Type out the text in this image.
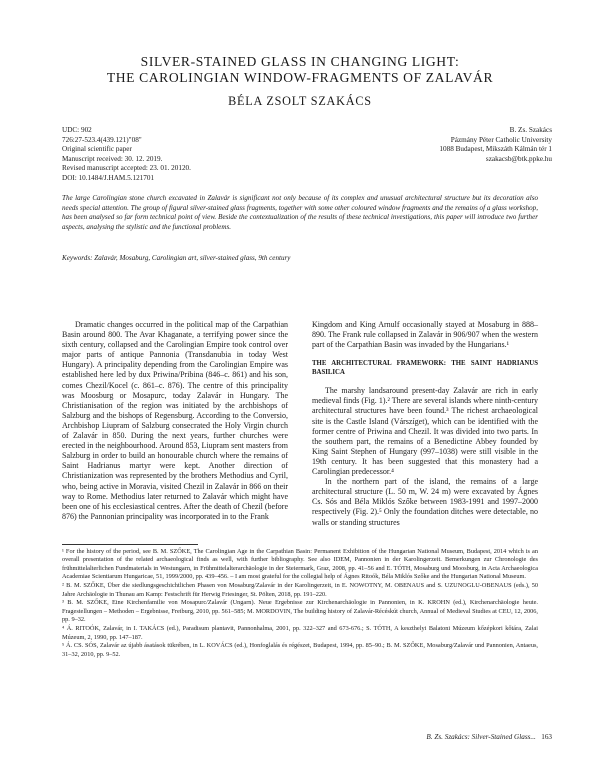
SILVER-STAINED GLASS IN CHANGING LIGHT:
THE CAROLINGIAN WINDOW-FRAGMENTS OF ZALAVÁR
BÉLA ZSOLT SZAKÁCS
UDC: 902
726:27-523.4(439.121)"08"
Original scientific paper
Manuscript received: 30. 12. 2019.
Revised manuscript accepted: 23. 01. 20120.
DOI: 10.1484/J.HAM.5.121701
B. Zs. Szakács
Pázmány Péter Catholic University
1088 Budapest, Mikszáth Kálmán tér 1
szakacsb@btk.ppke.hu
The large Carolingian stone church excavated in Zalavár is significant not only because of its complex and unusual architectural structure but its decoration also needs special attention. The group of figural silver-stained glass fragments, together with some other coloured window fragments and the remains of a glass workshop, has been analysed so far form technical point of view. Beside the contextualization of the results of these technical investigations, this paper will introduce two further aspects, analysing the stylistic and the functional problems.
Keywords: Zalavár, Mosaburg, Carolingian art, silver-stained glass, 9th century

Dramatic changes occurred in the political map of the Carpathian Basin around 800. The Avar Khaganate, a terrifying power since the sixth century, collapsed and the Carolingian Empire took control over major parts of antique Pannonia (Transdanubia in today West Hungary). A principality depending from the Carolingian Empire was established here led by dux Priwina/Pribina (846–c. 861) and his son, comes Chezil/Kocel (c. 861–c. 876). The centre of this principality was Moosburg or Mosapurc, today Zalavár in Hungary. The Christianisation of the region was initiated by the archbishops of Salzburg and the bishops of Regensburg. According to the Conversio, Archbishop Liupram of Salzburg consecrated the Holy Virgin church of Zalavár in 850. During the next years, further churches were erected in the neighbourhood. Around 853, Liupram sent masters from Salzburg in order to build an honourable church where the remains of Saint Hadrianus martyr were kept. Another direction of Christianization was represented by the brothers Methodius and Cyril, who, being active in Moravia, visited Chezil in Zalavár in 866 on their way to Rome. Methodius later returned to Zalavár which might have been one of his ecclesiastical centres. After the death of Chezil (before 876) the Pannonian principality was incorporated in to the Frank

Kingdom and King Arnulf occasionally stayed at Mosaburg in 888–890. The Frank rule collapsed in Zalavár in 906/907 when the western part of the Carpathian Basin was invaded by the Hungarians.¹

THE ARCHITECTURAL FRAMEWORK: THE SAINT HADRIANUS BASILICA

The marshy landsaround present-day Zalavár are rich in early medieval finds (Fig. 1).² There are several islands where ninth-century architectural structures have been found.³ The richest archaeological site is the Castle Island (Várszíget), which can be identified with the former centre of Priwina and Chezil. It was divided into two parts. In the southern part, the remains of a Benedictine Abbey founded by King Saint Stephen of Hungary (997–1038) were still visible in the 19th century. It has been suggested that this monastery had a Carolingian predecessor.⁴

In the northern part of the island, the remains of a large architectural structure (L. 50 m, W. 24 m) were excavated by Ágnes Cs. Sós and Béla Miklós Szőke between 1983-1991 and 1997–2000 respectively (Fig. 2).⁵ Only the foundation ditches were detectable, no walls or standing structures

¹ For the history of the period, see B. M. SZŐKE, The Carolingian Age in the Carpathian Basin: Permanent Exhibition of the Hungarian National Museum, Budapest, 2014 which is an overall presentation of the related archaeological finds as well, with further bibliography. See also IDEM, Pannonien in der Karolingerzeit. Bemerkungen zur Chronologie des frühmittelalterlichen Fundmaterials in Westungarn, in Frühmittelalterarchäologie in der Steiermark, Graz, 2008, pp. 41–56 and E. TÓTH, Mosaburg und Moosburg, in Acta Archaeologica Academiae Scientiarum Hungaricae, 51, 1999/2000, pp. 439–456. – I am most grateful for the collegial help of Ágnes Ritoók, Béla Miklós Szőke and the Hungarian National Museum.

² B. M. SZŐKE, Über die siedlungsgeschichtlichen Phasen von Mosaburg/Zalavár in der Karolingerzeit, in E. NOWOTNY, M. OBENAUS and S. UZUNOGLU-OBENAUS (eds.), 50 Jahre Archäologie in Thunau am Kamp: Festschrift für Herwig Friesinger, St. Pölten, 2018, pp. 191–220.

³ B. M. SZŐKE, Eine Kirchenfamilie von Mosapurc/Zalavár (Ungarn). Neue Ergebnisse zur Kirchenarchäologie in Pannonien, in K. KROHN (ed.), Kirchenarchäologie heute. Fragestellungen – Methoden – Ergebnisse, Freiburg, 2010, pp. 561–585; M. MORDOVIN, The building history of Zalavár-Récéskút church, Annual of Medieval Studies at CEU, 12, 2006, pp. 9–32.

⁴ Á. RITOÓK, Zalavár, in I. TAKÁCS (ed.), Paradisum plantavit, Pannonhalma, 2001, pp. 322–327 and 673-676.; S. TÓTH, A keszthelyi Balatoni Múzeum kőzépkori kőtára, Zalai Múzeum, 2, 1990, pp. 147–187.

⁵ Á. CS. SÓS, Zalavár az újabb ásatások tükrében, in L. KOVÁCS (ed.), Honfoglalás és régészet, Budapest, 1994, pp. 85–90.; B. M. SZŐKE, Mosaburg/Zalavár und Pannonien, Antaeus, 31–32, 2010, pp. 9–52.

B. Zs. Szakács: Silver-Stained Glass... 163
